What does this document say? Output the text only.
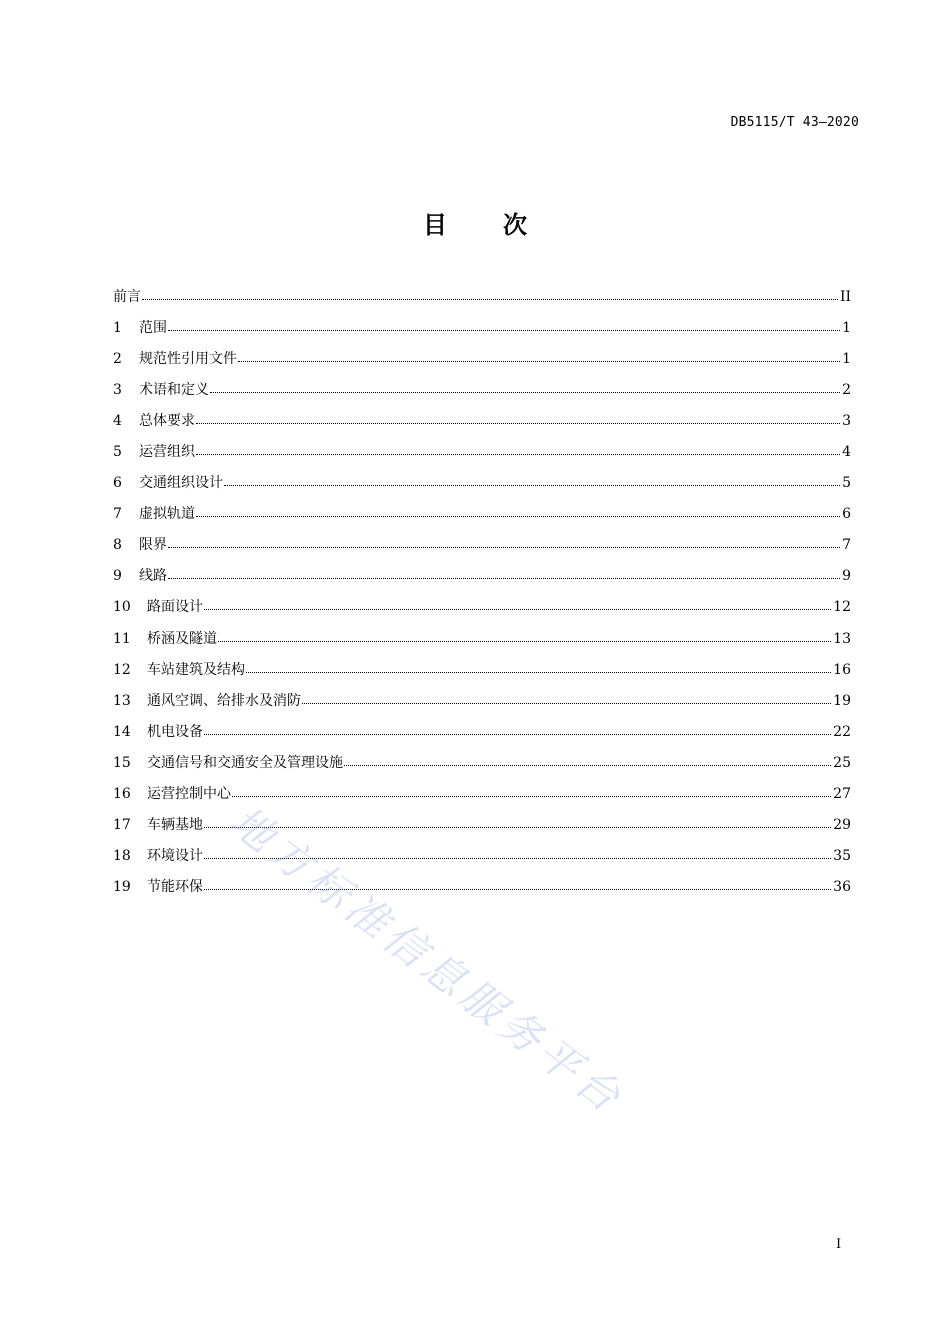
DB5115/T 43—2020
目 次
前言	II
1	范围	1
2	规范性引用文件	1
3	术语和定义	2
4	总体要求	3
5	运营组织	4
6	交通组织设计	5
7	虚拟轨道	6
8	限界	7
9	线路	9
10	路面设计	12
11	桥涵及隧道	13
12	车站建筑及结构	16
13	通风空调、给排水及消防	19
14	机电设备	22
15	交通信号和交通安全及管理设施	25
16	运营控制中心	27
17	车辆基地	29
18	环境设计	35
19	节能环保	36
地方标准信息服务平台
I
